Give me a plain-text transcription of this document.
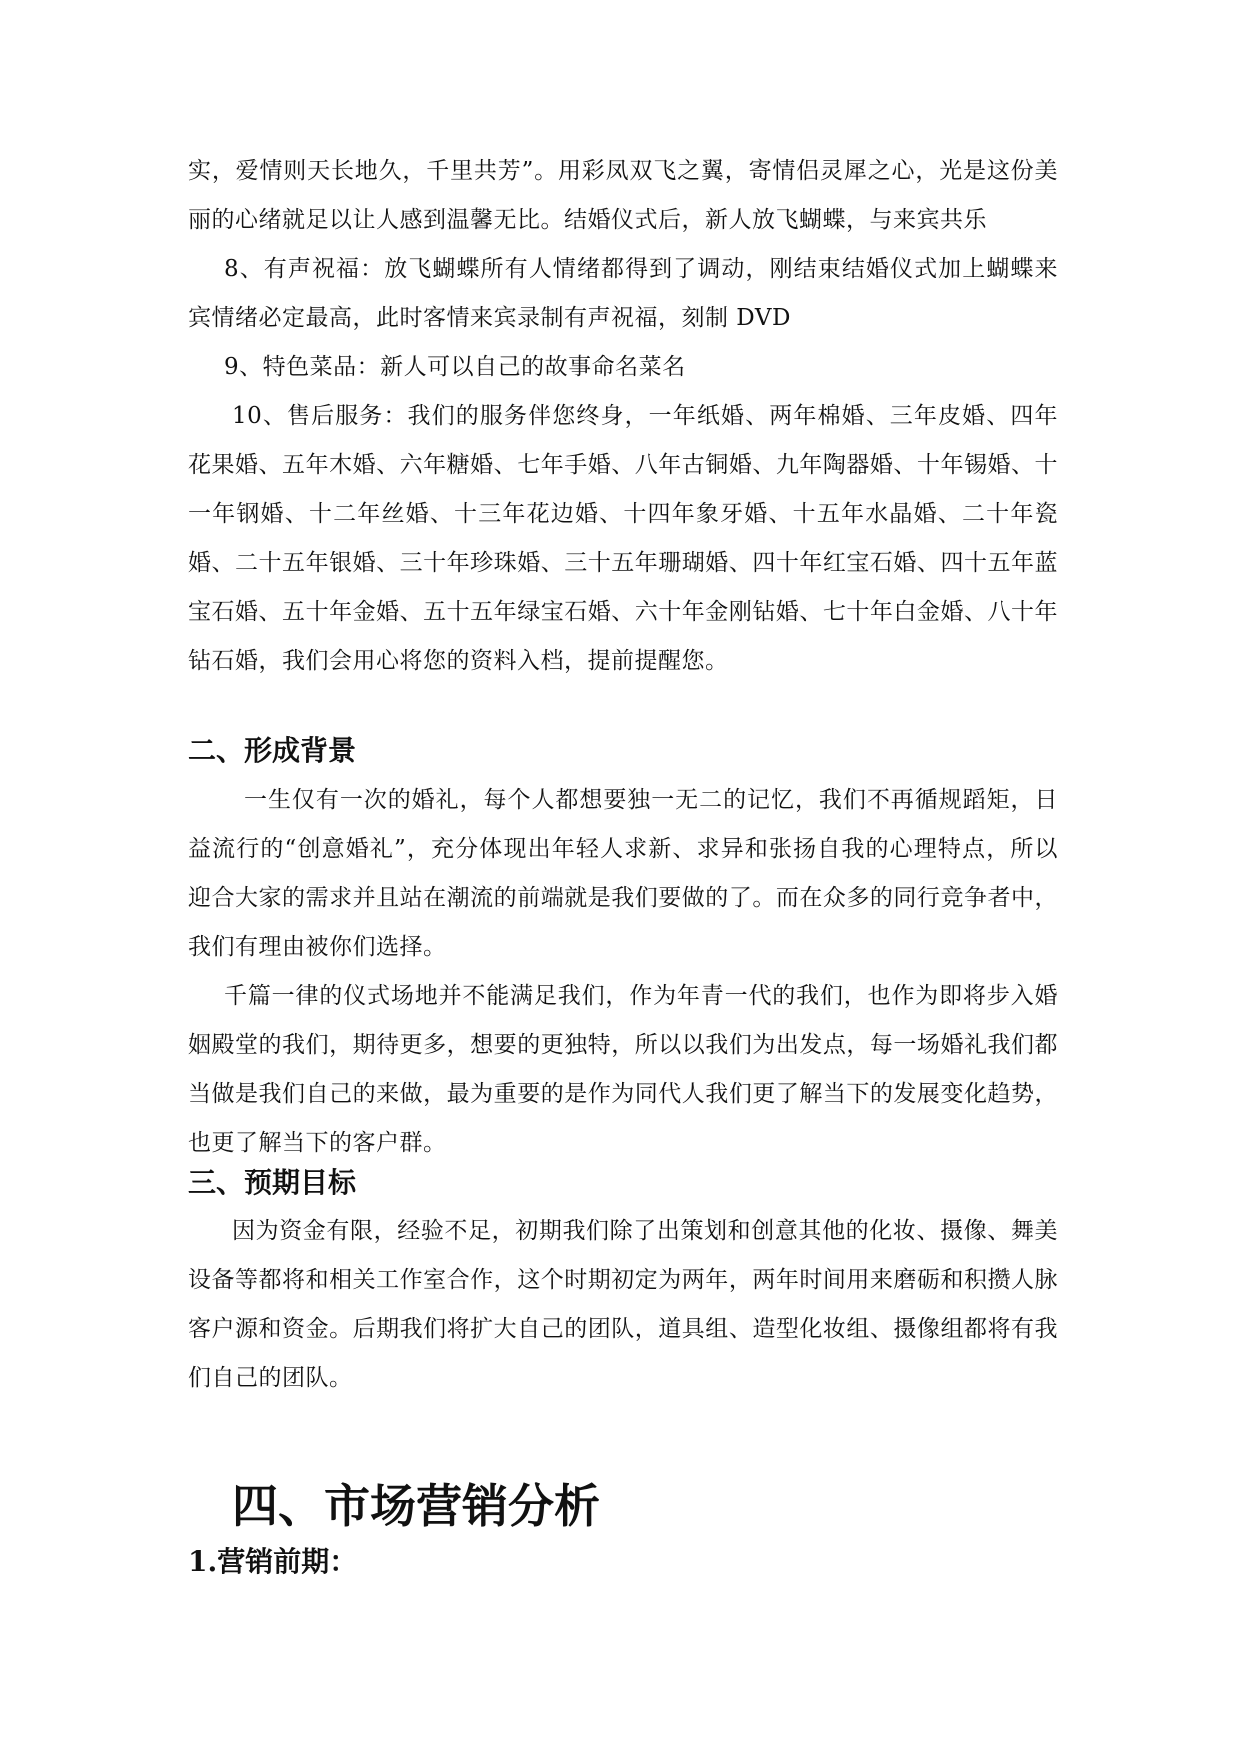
实，爱情则天长地久，千里共芳”。用彩凤双飞之翼，寄情侣灵犀之心，光是这份美丽的心绪就足以让人感到温馨无比。结婚仪式后，新人放飞蝴蝶，与来宾共乐

8、有声祝福：放飞蝴蝶所有人情绪都得到了调动，刚结束结婚仪式加上蝴蝶来宾情绪必定最高，此时客情来宾录制有声祝福，刻制 DVD

9、特色菜品：新人可以自己的故事命名菜名

10、售后服务：我们的服务伴您终身，一年纸婚、两年棉婚、三年皮婚、四年花果婚、五年木婚、六年糖婚、七年手婚、八年古铜婚、九年陶器婚、十年锡婚、十一年钢婚、十二年丝婚、十三年花边婚、十四年象牙婚、十五年水晶婚、二十年瓷婚、二十五年银婚、三十年珍珠婚、三十五年珊瑚婚、四十年红宝石婚、四十五年蓝宝石婚、五十年金婚、五十五年绿宝石婚、六十年金刚钻婚、七十年白金婚、八十年钻石婚，我们会用心将您的资料入档，提前提醒您。

二、形成背景

一生仅有一次的婚礼，每个人都想要独一无二的记忆，我们不再循规蹈矩，日益流行的“创意婚礼”，充分体现出年轻人求新、求异和张扬自我的心理特点，所以迎合大家的需求并且站在潮流的前端就是我们要做的了。而在众多的同行竞争者中，我们有理由被你们选择。

千篇一律的仪式场地并不能满足我们，作为年青一代的我们，也作为即将步入婚姻殿堂的我们，期待更多，想要的更独特，所以以我们为出发点，每一场婚礼我们都当做是我们自己的来做，最为重要的是作为同代人我们更了解当下的发展变化趋势，也更了解当下的客户群。

三、预期目标

因为资金有限，经验不足，初期我们除了出策划和创意其他的化妆、摄像、舞美设备等都将和相关工作室合作，这个时期初定为两年，两年时间用来磨砺和积攒人脉客户源和资金。后期我们将扩大自己的团队，道具组、造型化妆组、摄像组都将有我们自己的团队。

四、市场营销分析
1.营销前期：
